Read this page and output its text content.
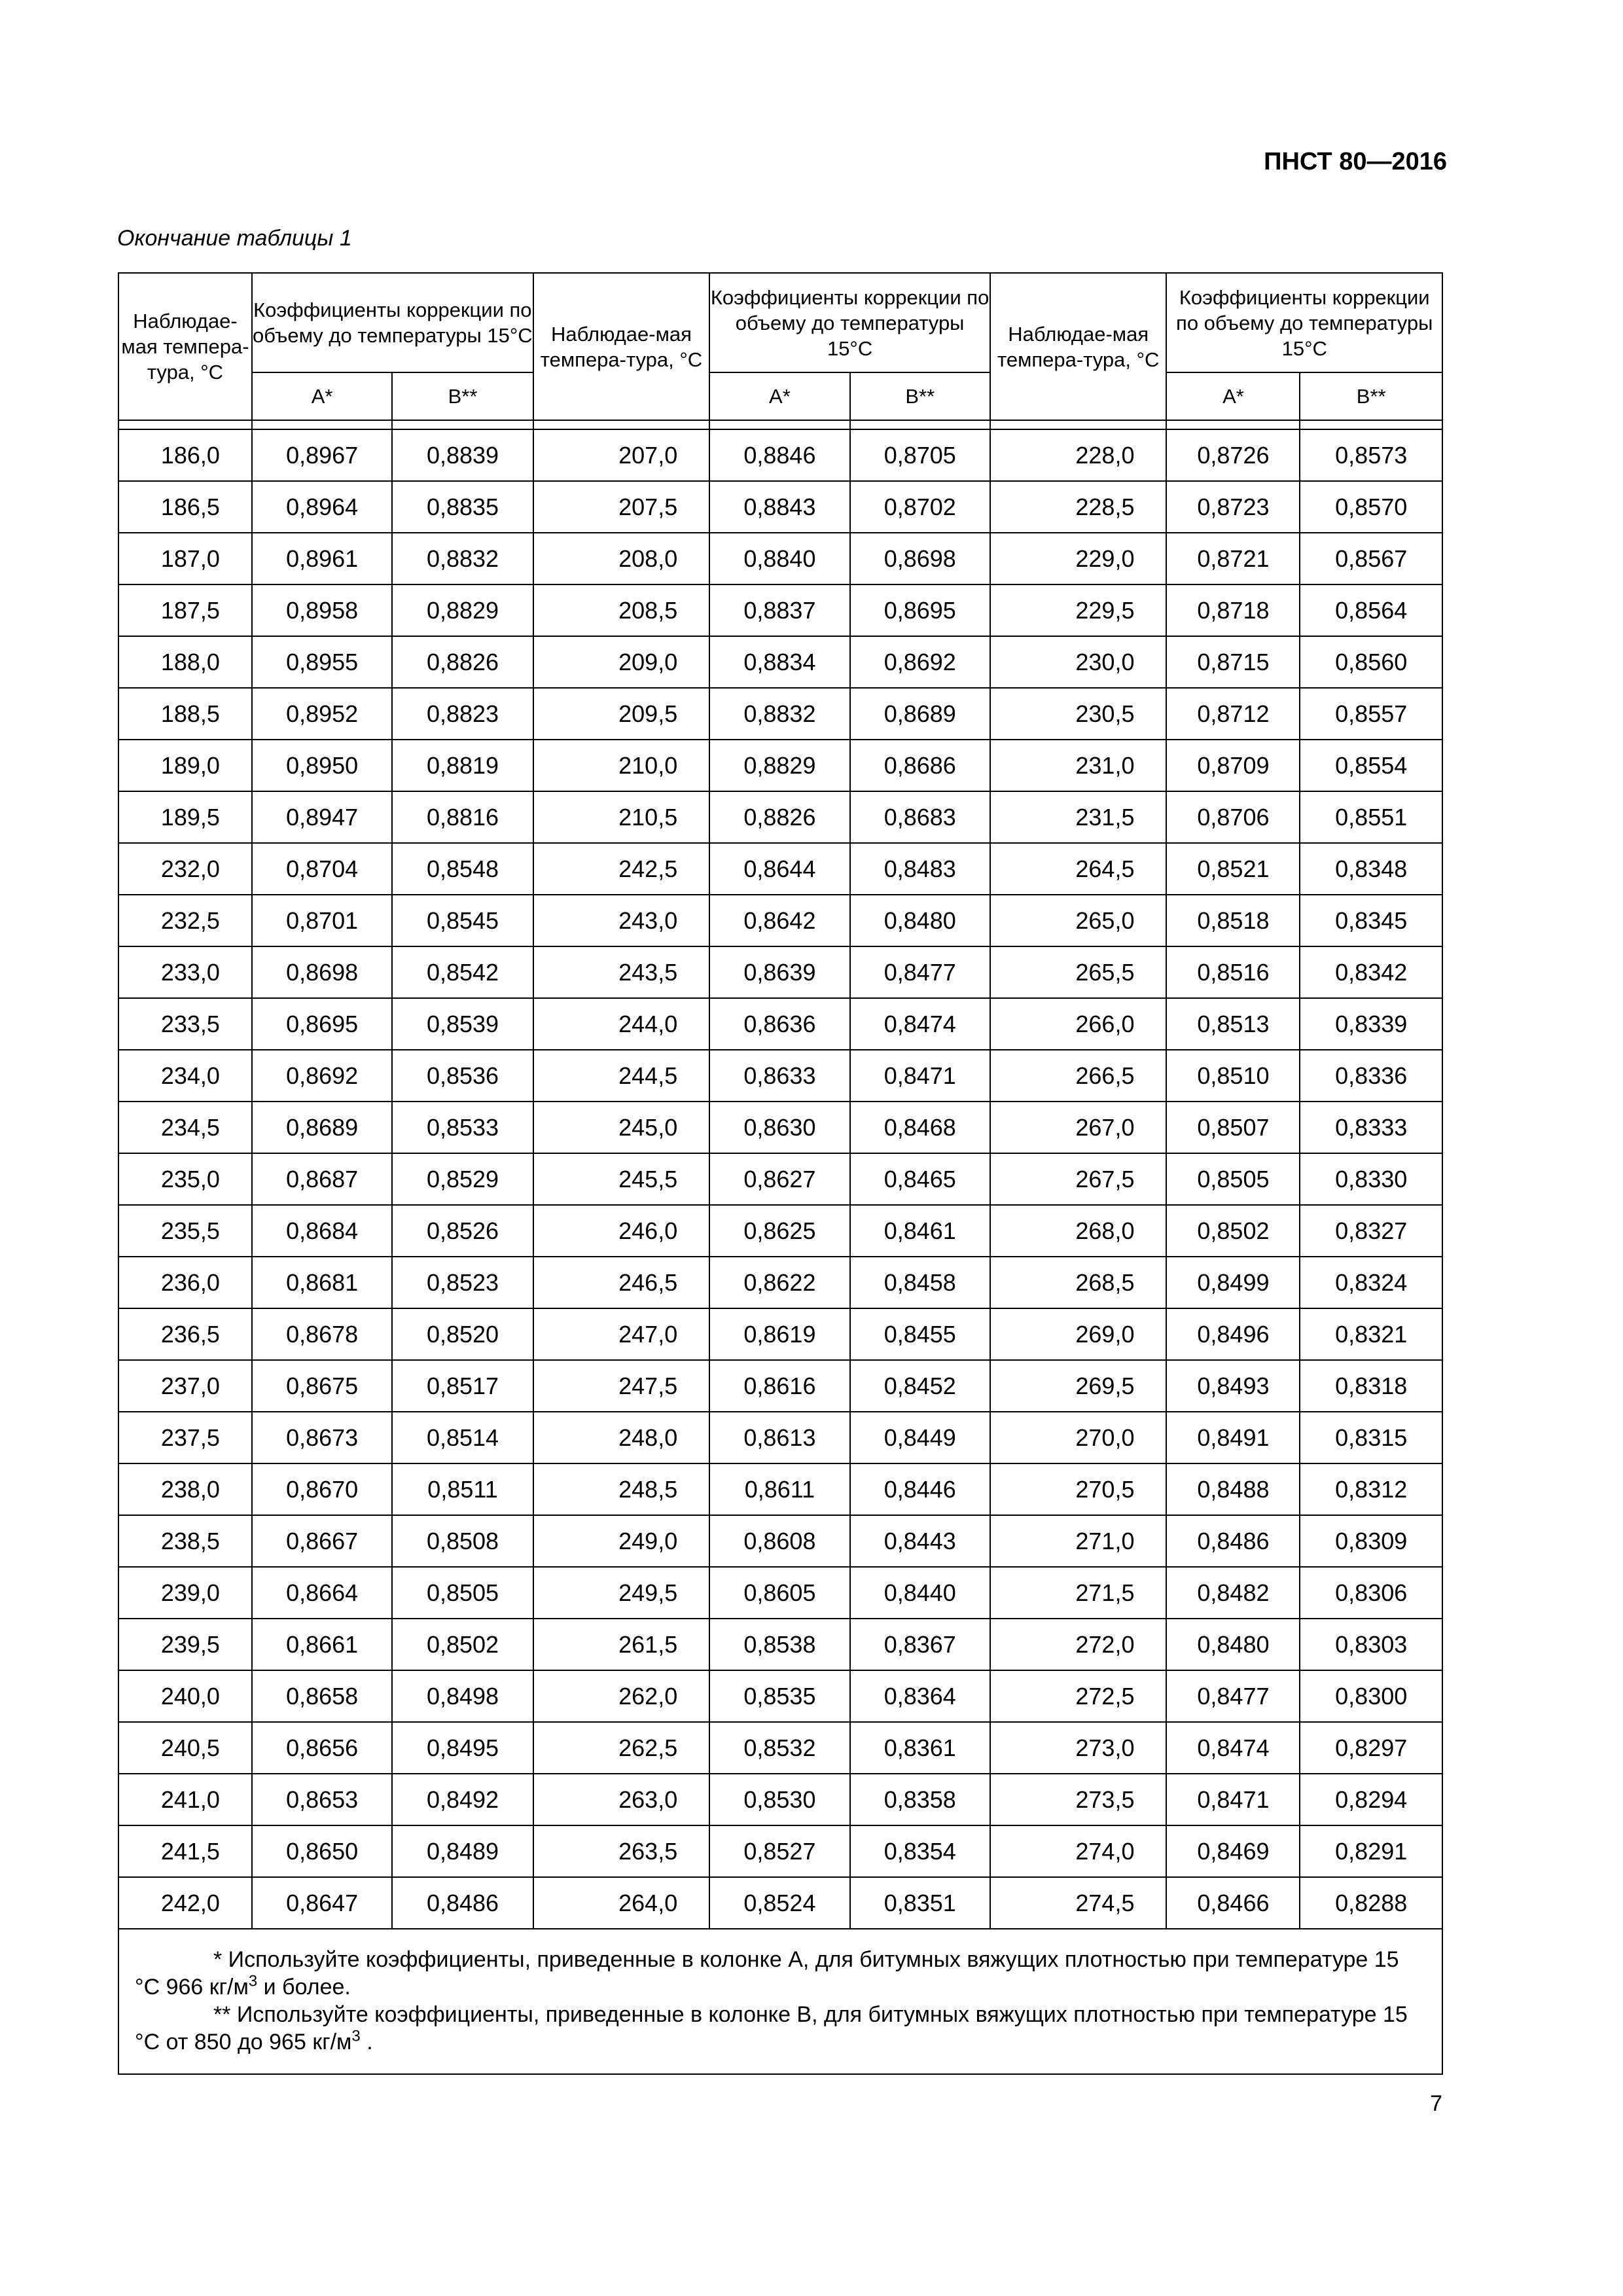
ПНСТ 80—2016
Окончание таблицы 1
Наблюдае-мая темпера-тура, °С	Коэффициенты коррекции по объему до температуры 15°С		Наблюдае-мая темпера-тура, °С	Коэффициенты коррекции по объему до температуры 15°С		Наблюдае-мая темпера-тура, °С	Коэффициенты коррекции по объему до температуры 15°С	
	А*	В**		А*	В**		А*	В**

186,0	0,8967	0,8839	207,0	0,8846	0,8705	228,0	0,8726	0,8573
186,5	0,8964	0,8835	207,5	0,8843	0,8702	228,5	0,8723	0,8570
187,0	0,8961	0,8832	208,0	0,8840	0,8698	229,0	0,8721	0,8567
187,5	0,8958	0,8829	208,5	0,8837	0,8695	229,5	0,8718	0,8564
188,0	0,8955	0,8826	209,0	0,8834	0,8692	230,0	0,8715	0,8560
188,5	0,8952	0,8823	209,5	0,8832	0,8689	230,5	0,8712	0,8557
189,0	0,8950	0,8819	210,0	0,8829	0,8686	231,0	0,8709	0,8554
189,5	0,8947	0,8816	210,5	0,8826	0,8683	231,5	0,8706	0,8551
232,0	0,8704	0,8548	242,5	0,8644	0,8483	264,5	0,8521	0,8348
232,5	0,8701	0,8545	243,0	0,8642	0,8480	265,0	0,8518	0,8345
233,0	0,8698	0,8542	243,5	0,8639	0,8477	265,5	0,8516	0,8342
233,5	0,8695	0,8539	244,0	0,8636	0,8474	266,0	0,8513	0,8339
234,0	0,8692	0,8536	244,5	0,8633	0,8471	266,5	0,8510	0,8336
234,5	0,8689	0,8533	245,0	0,8630	0,8468	267,0	0,8507	0,8333
235,0	0,8687	0,8529	245,5	0,8627	0,8465	267,5	0,8505	0,8330
235,5	0,8684	0,8526	246,0	0,8625	0,8461	268,0	0,8502	0,8327
236,0	0,8681	0,8523	246,5	0,8622	0,8458	268,5	0,8499	0,8324
236,5	0,8678	0,8520	247,0	0,8619	0,8455	269,0	0,8496	0,8321
237,0	0,8675	0,8517	247,5	0,8616	0,8452	269,5	0,8493	0,8318
237,5	0,8673	0,8514	248,0	0,8613	0,8449	270,0	0,8491	0,8315
238,0	0,8670	0,8511	248,5	0,8611	0,8446	270,5	0,8488	0,8312
238,5	0,8667	0,8508	249,0	0,8608	0,8443	271,0	0,8486	0,8309
239,0	0,8664	0,8505	249,5	0,8605	0,8440	271,5	0,8482	0,8306
239,5	0,8661	0,8502	261,5	0,8538	0,8367	272,0	0,8480	0,8303
240,0	0,8658	0,8498	262,0	0,8535	0,8364	272,5	0,8477	0,8300
240,5	0,8656	0,8495	262,5	0,8532	0,8361	273,0	0,8474	0,8297
241,0	0,8653	0,8492	263,0	0,8530	0,8358	273,5	0,8471	0,8294
241,5	0,8650	0,8489	263,5	0,8527	0,8354	274,0	0,8469	0,8291
242,0	0,8647	0,8486	264,0	0,8524	0,8351	274,5	0,8466	0,8288

* Используйте коэффициенты, приведенные в колонке А, для битумных вяжущих плотностью при температуре 15 °С 966 $кг/м^3$ и более.
** Используйте коэффициенты, приведенные в колонке В, для битумных вяжущих плотностью при температуре 15 °С от 850 до 965 $кг/м^3$ .								
7
